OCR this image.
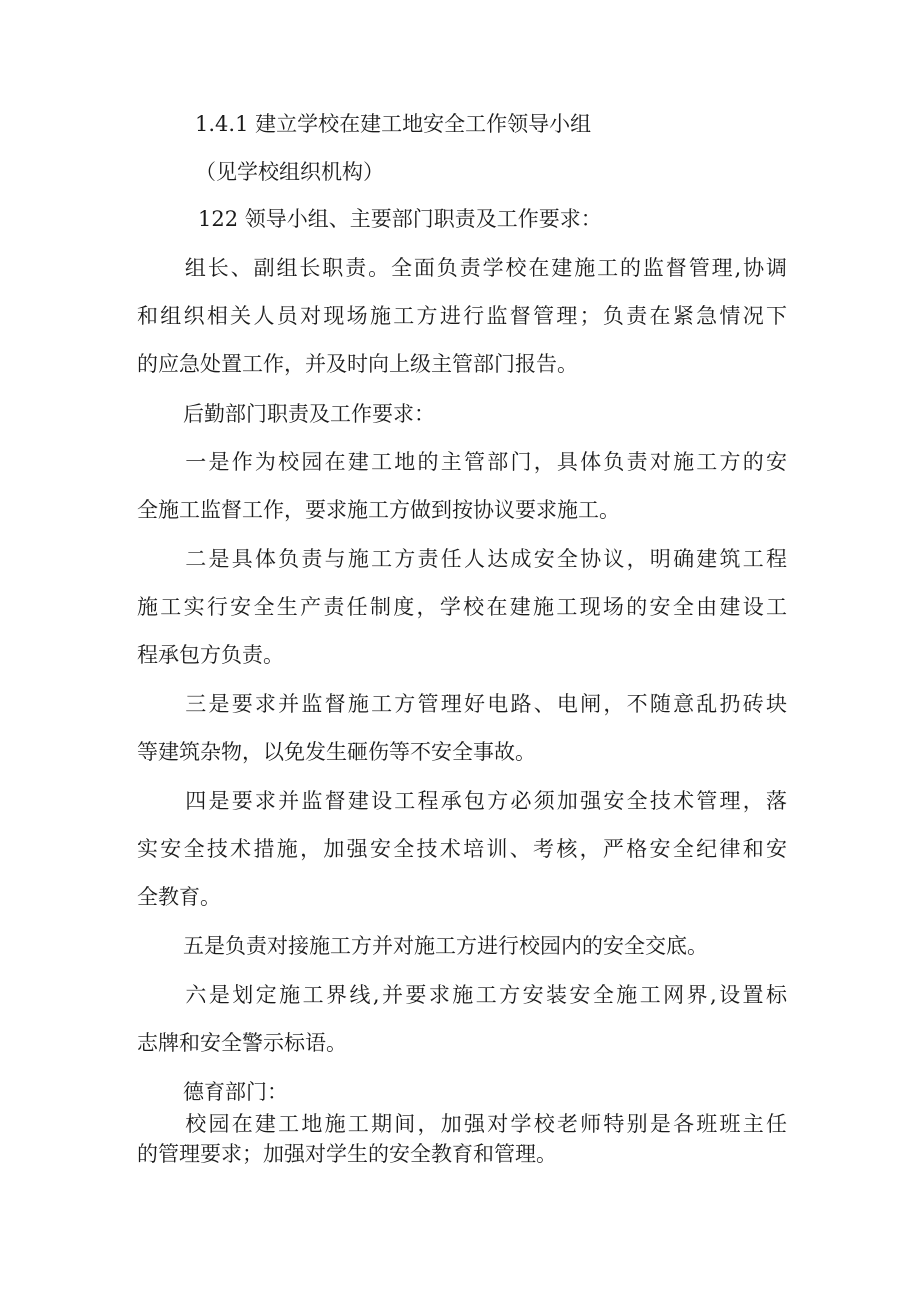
1.4.1 建立学校在建工地安全工作领导小组
（见学校组织机构）
122 领导小组、主要部门职责及工作要求：
组长、副组长职责。全面负责学校在建施工的监督管理,协调
和组织相关人员对现场施工方进行监督管理；负责在紧急情况下
的应急处置工作，并及时向上级主管部门报告。
后勤部门职责及工作要求：
一是作为校园在建工地的主管部门，具体负责对施工方的安
全施工监督工作，要求施工方做到按协议要求施工。
二是具体负责与施工方责任人达成安全协议，明确建筑工程
施工实行安全生产责任制度，学校在建施工现场的安全由建设工
程承包方负责。
三是要求并监督施工方管理好电路、电闸，不随意乱扔砖块
等建筑杂物，以免发生砸伤等不安全事故。
四是要求并监督建设工程承包方必须加强安全技术管理，落
实安全技术措施，加强安全技术培训、考核，严格安全纪律和安
全教育。
五是负责对接施工方并对施工方进行校园内的安全交底。
六是划定施工界线,并要求施工方安装安全施工网界,设置标
志牌和安全警示标语。
德育部门：
校园在建工地施工期间，加强对学校老师特别是各班班主任
的管理要求；加强对学生的安全教育和管理。
